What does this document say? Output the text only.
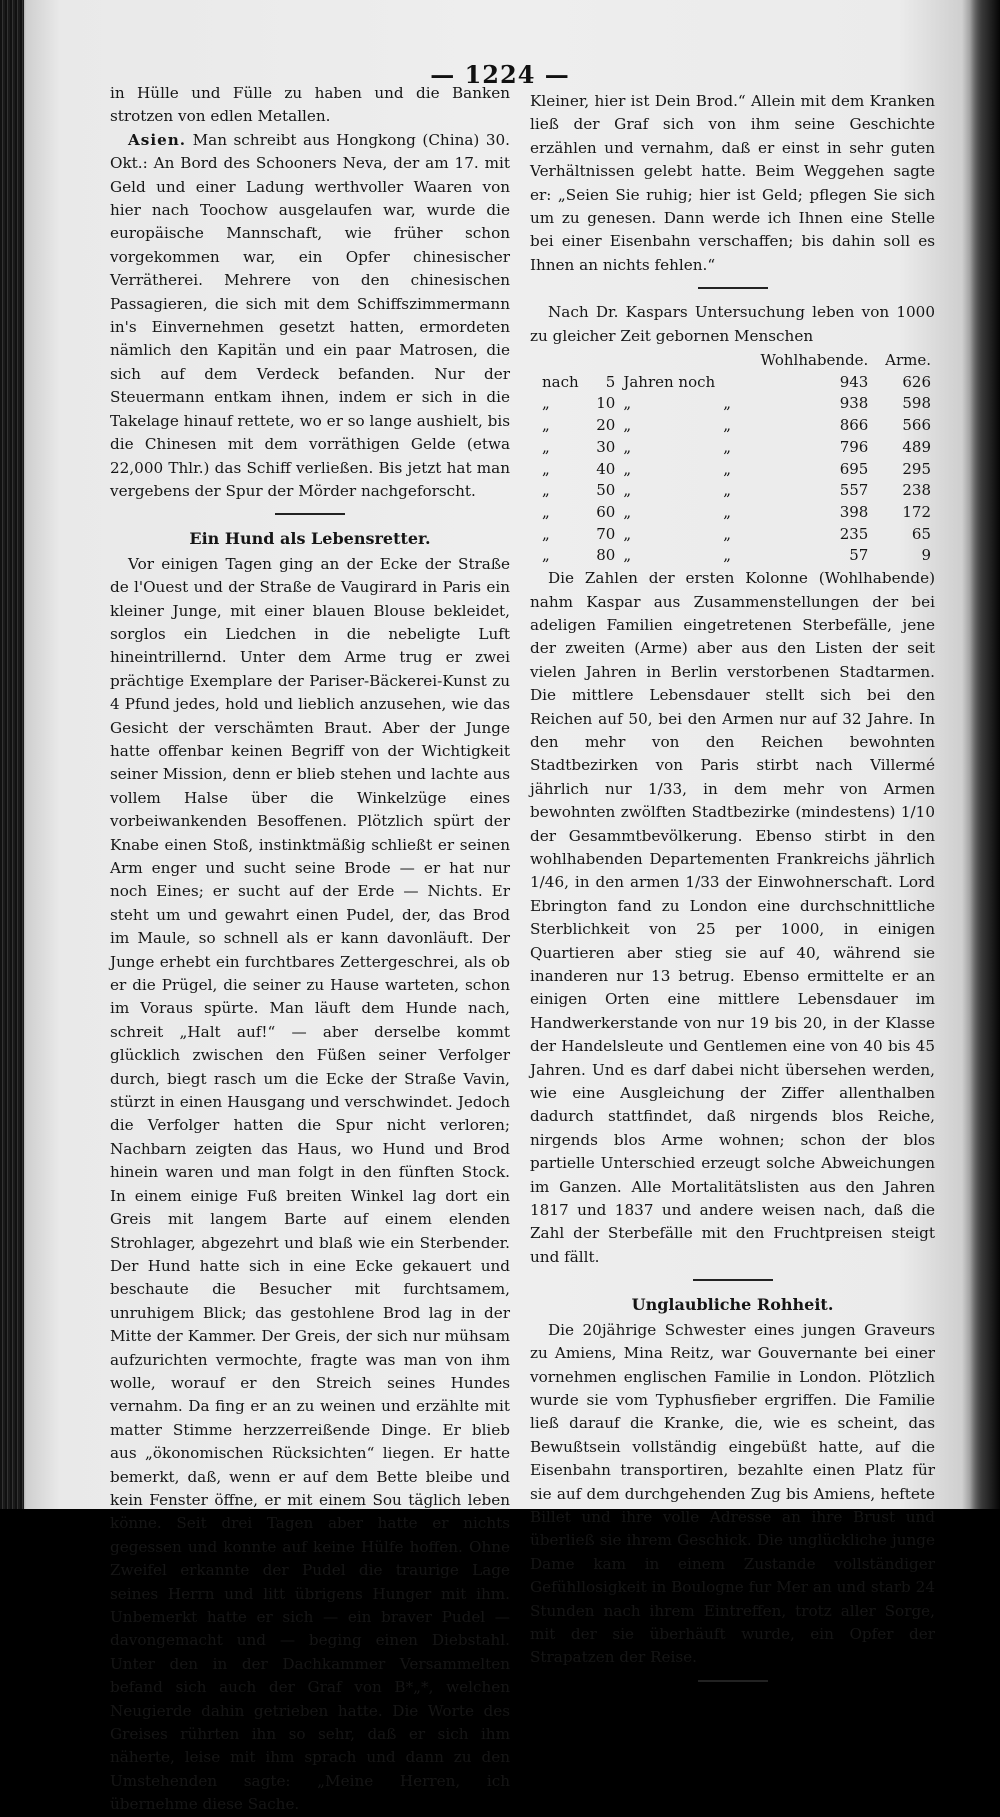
— 1224 —

in Hülle und Fülle zu haben und die Banken strotzen von edlen Metallen.

Asien. Man schreibt aus Hongkong (China) 30. Okt.: An Bord des Schooners Neva, der am 17. mit Geld und einer Ladung werthvoller Waaren von hier nach Toochow ausgelaufen war, wurde die europäische Mannschaft, wie früher schon vorgekommen war, ein Opfer chinesischer Verrätherei. Mehrere von den chinesischen Passagieren, die sich mit dem Schiffszimmermann in's Einvernehmen gesetzt hatten, ermordeten nämlich den Kapitän und ein paar Matrosen, die sich auf dem Verdeck befanden. Nur der Steuermann entkam ihnen, indem er sich in die Takelage hinauf rettete, wo er so lange aushielt, bis die Chinesen mit dem vorräthigen Gelde (etwa 22,000 Thlr.) das Schiff verließen. Bis jetzt hat man vergebens der Spur der Mörder nachgeforscht.

Ein Hund als Lebensretter.

Vor einigen Tagen ging an der Ecke der Straße de l'Ouest und der Straße de Vaugirard in Paris ein kleiner Junge, mit einer blauen Blouse bekleidet, sorglos ein Liedchen in die nebeligte Luft hineintrillernd. Unter dem Arme trug er zwei prächtige Exemplare der Pariser-Bäckerei-Kunst zu 4 Pfund jedes, hold und lieblich anzusehen, wie das Gesicht der verschämten Braut. Aber der Junge hatte offenbar keinen Begriff von der Wichtigkeit seiner Mission, denn er blieb stehen und lachte aus vollem Halse über die Winkelzüge eines vorbeiwankenden Besoffenen. Plötzlich spürt der Knabe einen Stoß, instinktmäßig schließt er seinen Arm enger und sucht seine Brode — er hat nur noch Eines; er sucht auf der Erde — Nichts. Er steht um und gewahrt einen Pudel, der, das Brod im Maule, so schnell als er kann davonläuft. Der Junge erhebt ein furchtbares Zettergeschrei, als ob er die Prügel, die seiner zu Hause warteten, schon im Voraus spürte. Man läuft dem Hunde nach, schreit „Halt auf!“ — aber derselbe kommt glücklich zwischen den Füßen seiner Verfolger durch, biegt rasch um die Ecke der Straße Vavin, stürzt in einen Hausgang und verschwindet. Jedoch die Verfolger hatten die Spur nicht verloren; Nachbarn zeigten das Haus, wo Hund und Brod hinein waren und man folgt in den fünften Stock. In einem einige Fuß breiten Winkel lag dort ein Greis mit langem Barte auf einem elenden Strohlager, abgezehrt und blaß wie ein Sterbender. Der Hund hatte sich in eine Ecke gekauert und beschaute die Besucher mit furchtsamem, unruhigem Blick; das gestohlene Brod lag in der Mitte der Kammer. Der Greis, der sich nur mühsam aufzurichten vermochte, fragte was man von ihm wolle, worauf er den Streich seines Hundes vernahm. Da fing er an zu weinen und erzählte mit matter Stimme herzzerreißende Dinge. Er blieb aus „ökonomischen Rücksichten“ liegen. Er hatte bemerkt, daß, wenn er auf dem Bette bleibe und kein Fenster öffne, er mit einem Sou täglich leben könne. Seit drei Tagen aber hatte er nichts gegessen und konnte auf keine Hülfe hoffen. Ohne Zweifel erkannte der Pudel die traurige Lage seines Herrn und litt übrigens Hunger mit ihm. Unbemerkt hatte er sich — ein braver Pudel — davongemacht und — beging einen Diebstahl. Unter den in der Dachkammer Versammelten befand sich auch der Graf von B*„*, welchen Neugierde dahin getrieben hatte. Die Worte des Greises rührten ihn so sehr, daß er sich ihm näherte, leise mit ihm sprach und dann zu den Umstehenden sagte: „Meine Herren, ich übernehme diese Sache.

Kleiner, hier ist Dein Brod.“ Allein mit dem Kranken ließ der Graf sich von ihm seine Geschichte erzählen und vernahm, daß er einst in sehr guten Verhältnissen gelebt hatte. Beim Weggehen sagte er: „Seien Sie ruhig; hier ist Geld; pflegen Sie sich um zu genesen. Dann werde ich Ihnen eine Stelle bei einer Eisenbahn verschaffen; bis dahin soll es Ihnen an nichts fehlen.“

Nach Dr. Kaspars Untersuchung leben von 1000 zu gleicher Zeit gebornen Menschen

				Wohlhabende.	Arme.
nach	5	Jahren noch		943	626
„	10	„	„	938	598
„	20	„	„	866	566
„	30	„	„	796	489
„	40	„	„	695	295
„	50	„	„	557	238
„	60	„	„	398	172
„	70	„	„	235	65
„	80	„	„	57	9

Die Zahlen der ersten Kolonne (Wohlhabende) nahm Kaspar aus Zusammenstellungen der bei adeligen Familien eingetretenen Sterbefälle, jene der zweiten (Arme) aber aus den Listen der seit vielen Jahren in Berlin verstorbenen Stadtarmen. Die mittlere Lebensdauer stellt sich bei den Reichen auf 50, bei den Armen nur auf 32 Jahre. In den mehr von den Reichen bewohnten Stadtbezirken von Paris stirbt nach Villermé jährlich nur 1/33, in dem mehr von Armen bewohnten zwölften Stadtbezirke (mindestens) 1/10 der Gesammtbevölkerung. Ebenso stirbt in den wohlhabenden Departementen Frankreichs jährlich 1/46, in den armen 1/33 der Einwohnerschaft. Lord Ebrington fand zu London eine durchschnittliche Sterblichkeit von 25 per 1000, in einigen Quartieren aber stieg sie auf 40, während sie inanderen nur 13 betrug. Ebenso ermittelte er an einigen Orten eine mittlere Lebensdauer im Handwerkerstande von nur 19 bis 20, in der Klasse der Handelsleute und Gentlemen eine von 40 bis 45 Jahren. Und es darf dabei nicht übersehen werden, wie eine Ausgleichung der Ziffer allenthalben dadurch stattfindet, daß nirgends blos Reiche, nirgends blos Arme wohnen; schon der blos partielle Unterschied erzeugt solche Abweichungen im Ganzen. Alle Mortalitätslisten aus den Jahren 1817 und 1837 und andere weisen nach, daß die Zahl der Sterbefälle mit den Fruchtpreisen steigt und fällt.

Unglaubliche Rohheit.

Die 20jährige Schwester eines jungen Graveurs zu Amiens, Mina Reitz, war Gouvernante bei einer vornehmen englischen Familie in London. Plötzlich wurde sie vom Typhusfieber ergriffen. Die Familie ließ darauf die Kranke, die, wie es scheint, das Bewußtsein vollständig eingebüßt hatte, auf die Eisenbahn transportiren, bezahlte einen Platz für sie auf dem durchgehenden Zug bis Amiens, heftete Billet und ihre volle Adresse an ihre Brust und überließ sie ihrem Geschick. Die unglückliche junge Dame kam in einem Zustande vollständiger Gefühllosigkeit in Boulogne fur Mer an und starb 24 Stunden nach ihrem Eintreffen, trotz aller Sorge, mit der sie überhäuft wurde, ein Opfer der Strapatzen der Reise.
